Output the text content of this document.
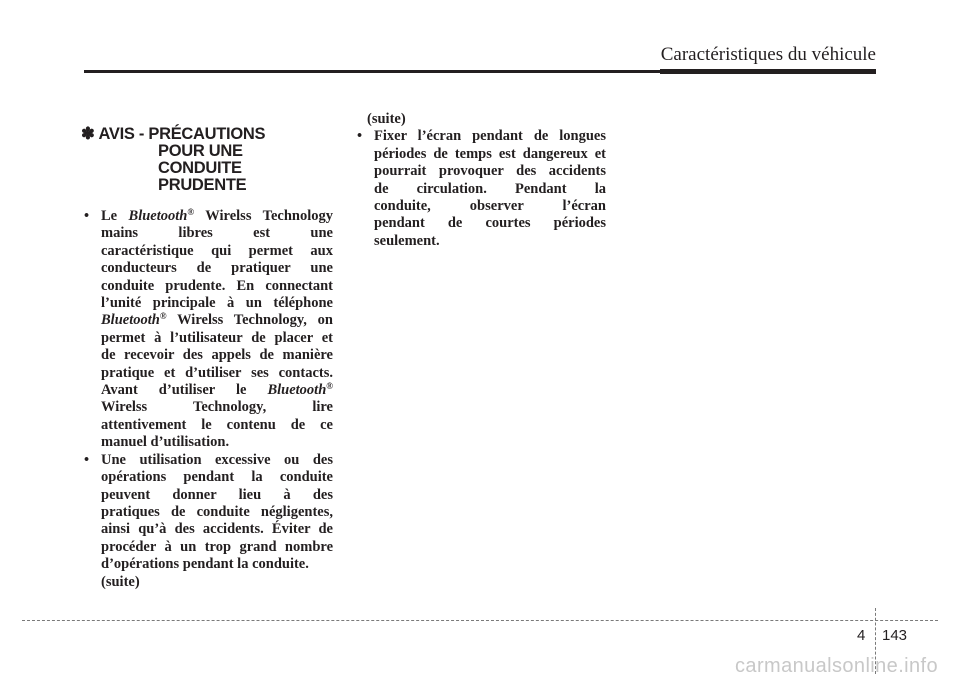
Caractéristiques du véhicule
✽ AVIS - PRÉCAUTIONS
POUR UNE
CONDUITE
PRUDENTE
• Le Bluetooth® Wirelss Technology
mains libres est une
caractéristique qui permet aux
conducteurs de pratiquer une
conduite prudente. En connectant
l’unité principale à un téléphone
Bluetooth® Wirelss Technology, on
permet à l’utilisateur de placer et
de recevoir des appels de manière
pratique et d’utiliser ses contacts.
Avant d’utiliser le Bluetooth®
Wirelss Technology, lire
attentivement le contenu de ce
manuel d’utilisation.
• Une utilisation excessive ou des
opérations pendant la conduite
peuvent donner lieu à des
pratiques de conduite négligentes,
ainsi qu’à des accidents. Éviter de
procéder à un trop grand nombre
d’opérations pendant la conduite.
(suite)
(suite)
• Fixer l’écran pendant de longues
périodes de temps est dangereux et
pourrait provoquer des accidents
de circulation. Pendant la
conduite, observer l’écran
pendant de courtes périodes
seulement.
4 143
carmanualsonline.info
